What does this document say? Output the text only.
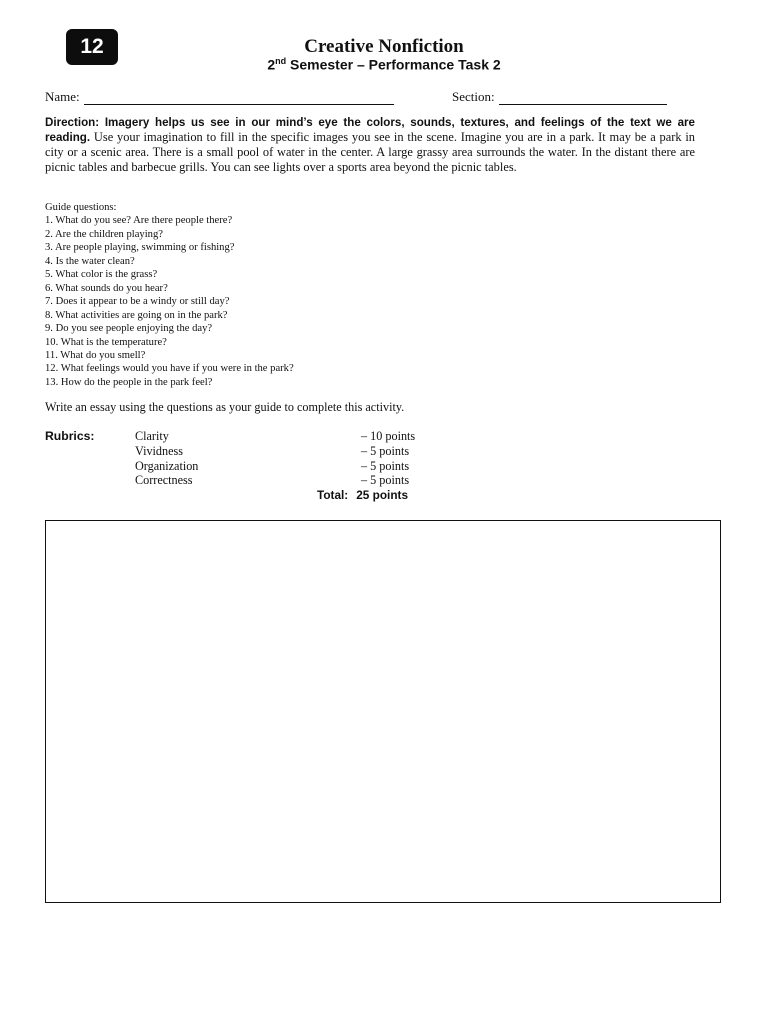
12	Creative Nonfiction
2nd Semester – Performance Task 2
Name:	Section:
Direction: Imagery helps us see in our mind’s eye the colors, sounds, textures, and feelings of the text we are reading. Use your imagination to fill in the specific images you see in the scene. Imagine you are in a park. It may be a park in city or a scenic area. There is a small pool of water in the center. A large grassy area surrounds the water. In the distant there are picnic tables and barbecue grills. You can see lights over a sports area beyond the picnic tables.
Guide questions:
1. What do you see? Are there people there?
2. Are the children playing?
3. Are people playing, swimming or fishing?
4. Is the water clean?
5. What color is the grass?
6. What sounds do you hear?
7. Does it appear to be a windy or still day?
8. What activities are going on in the park?
9. Do you see people enjoying the day?
10. What is the temperature?
11. What do you smell?
12. What feelings would you have if you were in the park?
13. How do the people in the park feel?
Write an essay using the questions as your guide to complete this activity.
Rubrics:	Clarity	– 10 points
Vividness	– 5 points
Organization	– 5 points
Correctness	– 5 points
Total: 25 points
